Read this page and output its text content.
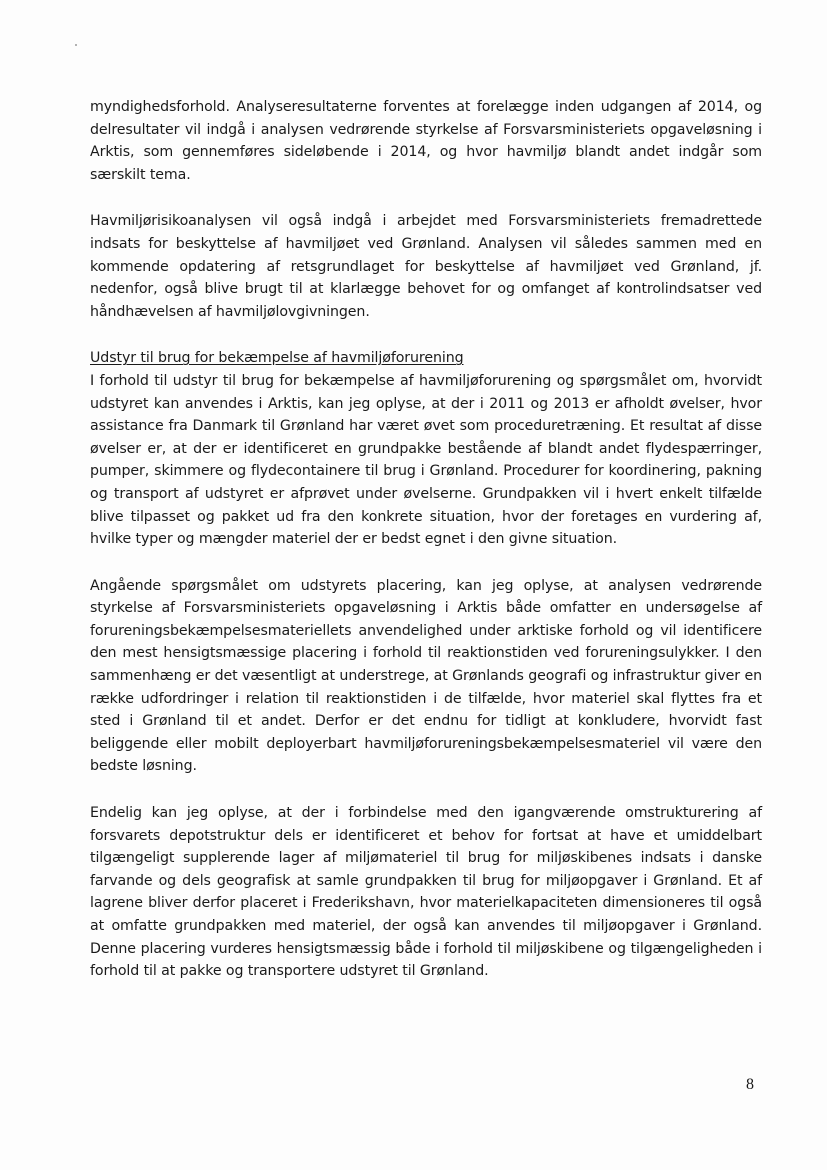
myndighedsforhold. Analyseresultaterne forventes at forelægge inden udgangen af 2014, og delresultater vil indgå i analysen vedrørende styrkelse af Forsvarsministeriets opgaveløsning i Arktis, som gennemføres sideløbende i 2014, og hvor havmiljø blandt andet indgår som særskilt tema.

Havmiljørisikoanalysen vil også indgå i arbejdet med Forsvarsministeriets fremadrettede indsats for beskyttelse af havmiljøet ved Grønland. Analysen vil således sammen med en kommende opdatering af retsgrundlaget for beskyttelse af havmiljøet ved Grønland, jf. nedenfor, også blive brugt til at klarlægge behovet for og omfanget af kontrolindsatser ved håndhævelsen af havmiljølovgivningen.

Udstyr til brug for bekæmpelse af havmiljøforurening
I forhold til udstyr til brug for bekæmpelse af havmiljøforurening og spørgsmålet om, hvorvidt udstyret kan anvendes i Arktis, kan jeg oplyse, at der i 2011 og 2013 er afholdt øvelser, hvor assistance fra Danmark til Grønland har været øvet som proceduretræning. Et resultat af disse øvelser er, at der er identificeret en grundpakke bestående af blandt andet flydespærringer, pumper, skimmere og flydecontainere til brug i Grønland. Procedurer for koordinering, pakning og transport af udstyret er afprøvet under øvelserne. Grundpakken vil i hvert enkelt tilfælde blive tilpasset og pakket ud fra den konkrete situation, hvor der foretages en vurdering af, hvilke typer og mængder materiel der er bedst egnet i den givne situation.

Angående spørgsmålet om udstyrets placering, kan jeg oplyse, at analysen vedrørende styrkelse af Forsvarsministeriets opgaveløsning i Arktis både omfatter en undersøgelse af forureningsbekæmpelsesmateriellets anvendelighed under arktiske forhold og vil identificere den mest hensigtsmæssige placering i forhold til reaktionstiden ved forureningsulykker. I den sammenhæng er det væsentligt at understrege, at Grønlands geografi og infrastruktur giver en række udfordringer i relation til reaktionstiden i de tilfælde, hvor materiel skal flyttes fra et sted i Grønland til et andet. Derfor er det endnu for tidligt at konkludere, hvorvidt fast beliggende eller mobilt deployerbart havmiljøforureningsbekæmpelsesmateriel vil være den bedste løsning.

Endelig kan jeg oplyse, at der i forbindelse med den igangværende omstrukturering af forsvarets depotstruktur dels er identificeret et behov for fortsat at have et umiddelbart tilgængeligt supplerende lager af miljømateriel til brug for miljøskibenes indsats i danske farvande og dels geografisk at samle grundpakken til brug for miljøopgaver i Grønland. Et af lagrene bliver derfor placeret i Frederikshavn, hvor materielkapaciteten dimensioneres til også at omfatte grundpakken med materiel, der også kan anvendes til miljøopgaver i Grønland. Denne placering vurderes hensigtsmæssig både i forhold til miljøskibene og tilgængeligheden i forhold til at pakke og transportere udstyret til Grønland.

8
